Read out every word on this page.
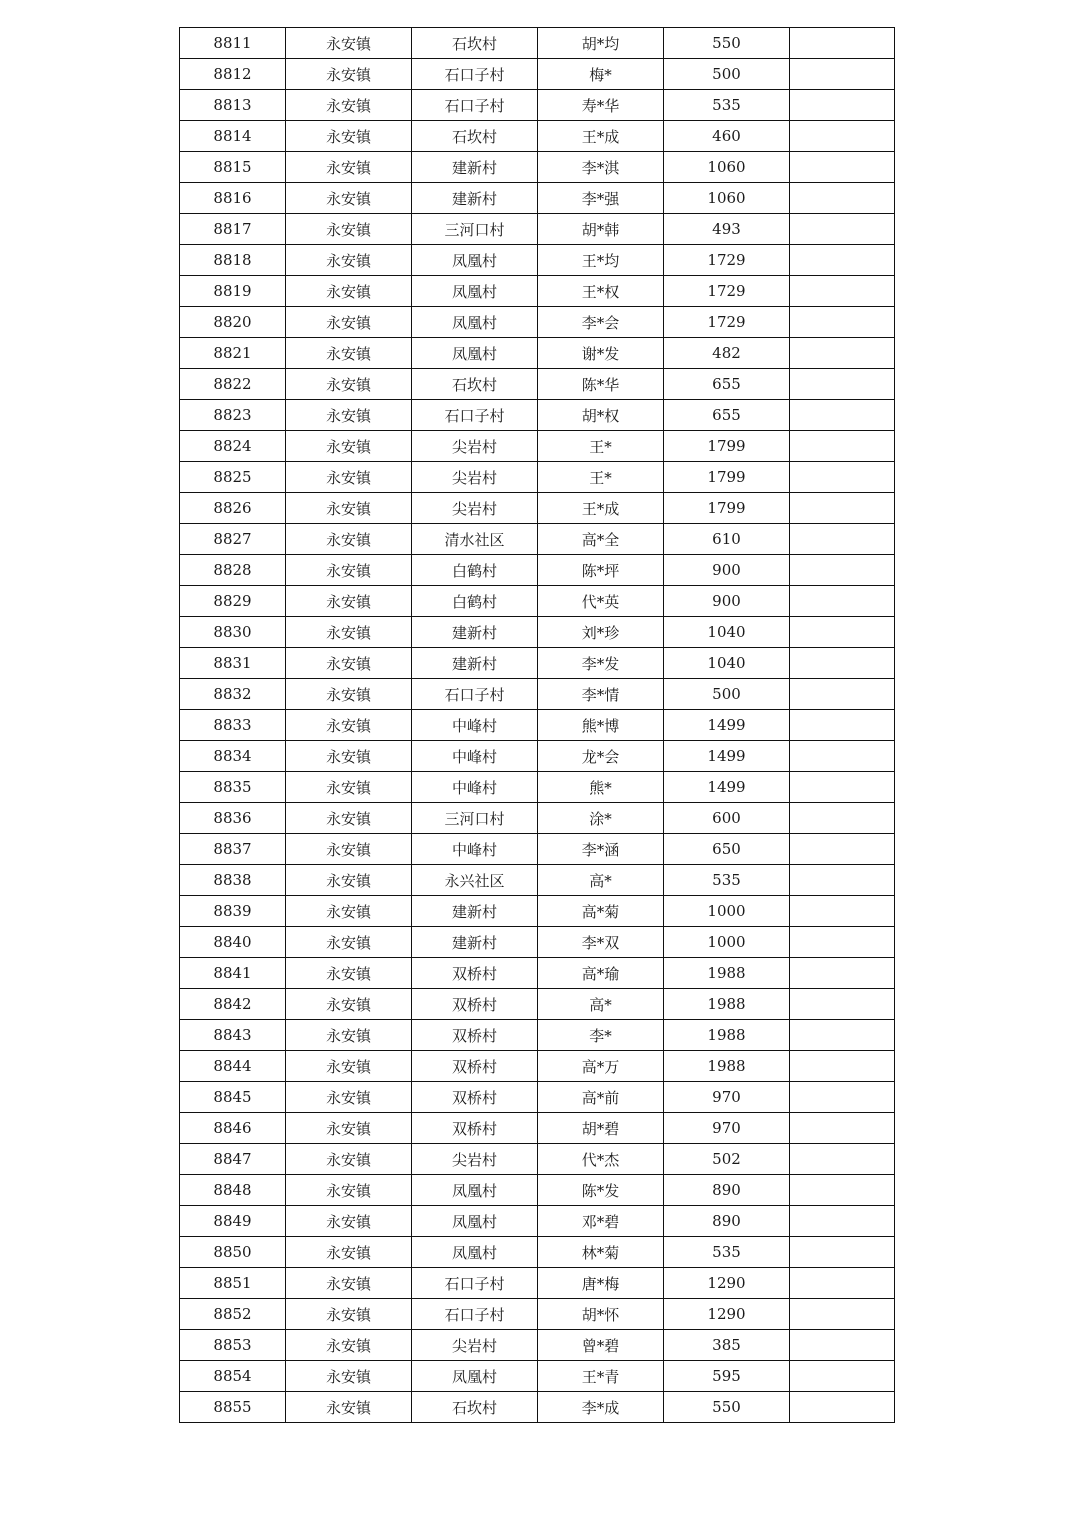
8811	永安镇	石坎村	胡*均	550	
8812	永安镇	石口子村	梅*	500	
8813	永安镇	石口子村	寿*华	535	
8814	永安镇	石坎村	王*成	460	
8815	永安镇	建新村	李*淇	1060	
8816	永安镇	建新村	李*强	1060	
8817	永安镇	三河口村	胡*韩	493	
8818	永安镇	凤凰村	王*均	1729	
8819	永安镇	凤凰村	王*权	1729	
8820	永安镇	凤凰村	李*会	1729	
8821	永安镇	凤凰村	谢*发	482	
8822	永安镇	石坎村	陈*华	655	
8823	永安镇	石口子村	胡*权	655	
8824	永安镇	尖岩村	王*	1799	
8825	永安镇	尖岩村	王*	1799	
8826	永安镇	尖岩村	王*成	1799	
8827	永安镇	清水社区	高*全	610	
8828	永安镇	白鹤村	陈*坪	900	
8829	永安镇	白鹤村	代*英	900	
8830	永安镇	建新村	刘*珍	1040	
8831	永安镇	建新村	李*发	1040	
8832	永安镇	石口子村	李*情	500	
8833	永安镇	中峰村	熊*博	1499	
8834	永安镇	中峰村	龙*会	1499	
8835	永安镇	中峰村	熊*	1499	
8836	永安镇	三河口村	涂*	600	
8837	永安镇	中峰村	李*涵	650	
8838	永安镇	永兴社区	高*	535	
8839	永安镇	建新村	高*菊	1000	
8840	永安镇	建新村	李*双	1000	
8841	永安镇	双桥村	高*瑜	1988	
8842	永安镇	双桥村	高*	1988	
8843	永安镇	双桥村	李*	1988	
8844	永安镇	双桥村	高*万	1988	
8845	永安镇	双桥村	高*前	970	
8846	永安镇	双桥村	胡*碧	970	
8847	永安镇	尖岩村	代*杰	502	
8848	永安镇	凤凰村	陈*发	890	
8849	永安镇	凤凰村	邓*碧	890	
8850	永安镇	凤凰村	林*菊	535	
8851	永安镇	石口子村	唐*梅	1290	
8852	永安镇	石口子村	胡*怀	1290	
8853	永安镇	尖岩村	曾*碧	385	
8854	永安镇	凤凰村	王*青	595	
8855	永安镇	石坎村	李*成	550	
